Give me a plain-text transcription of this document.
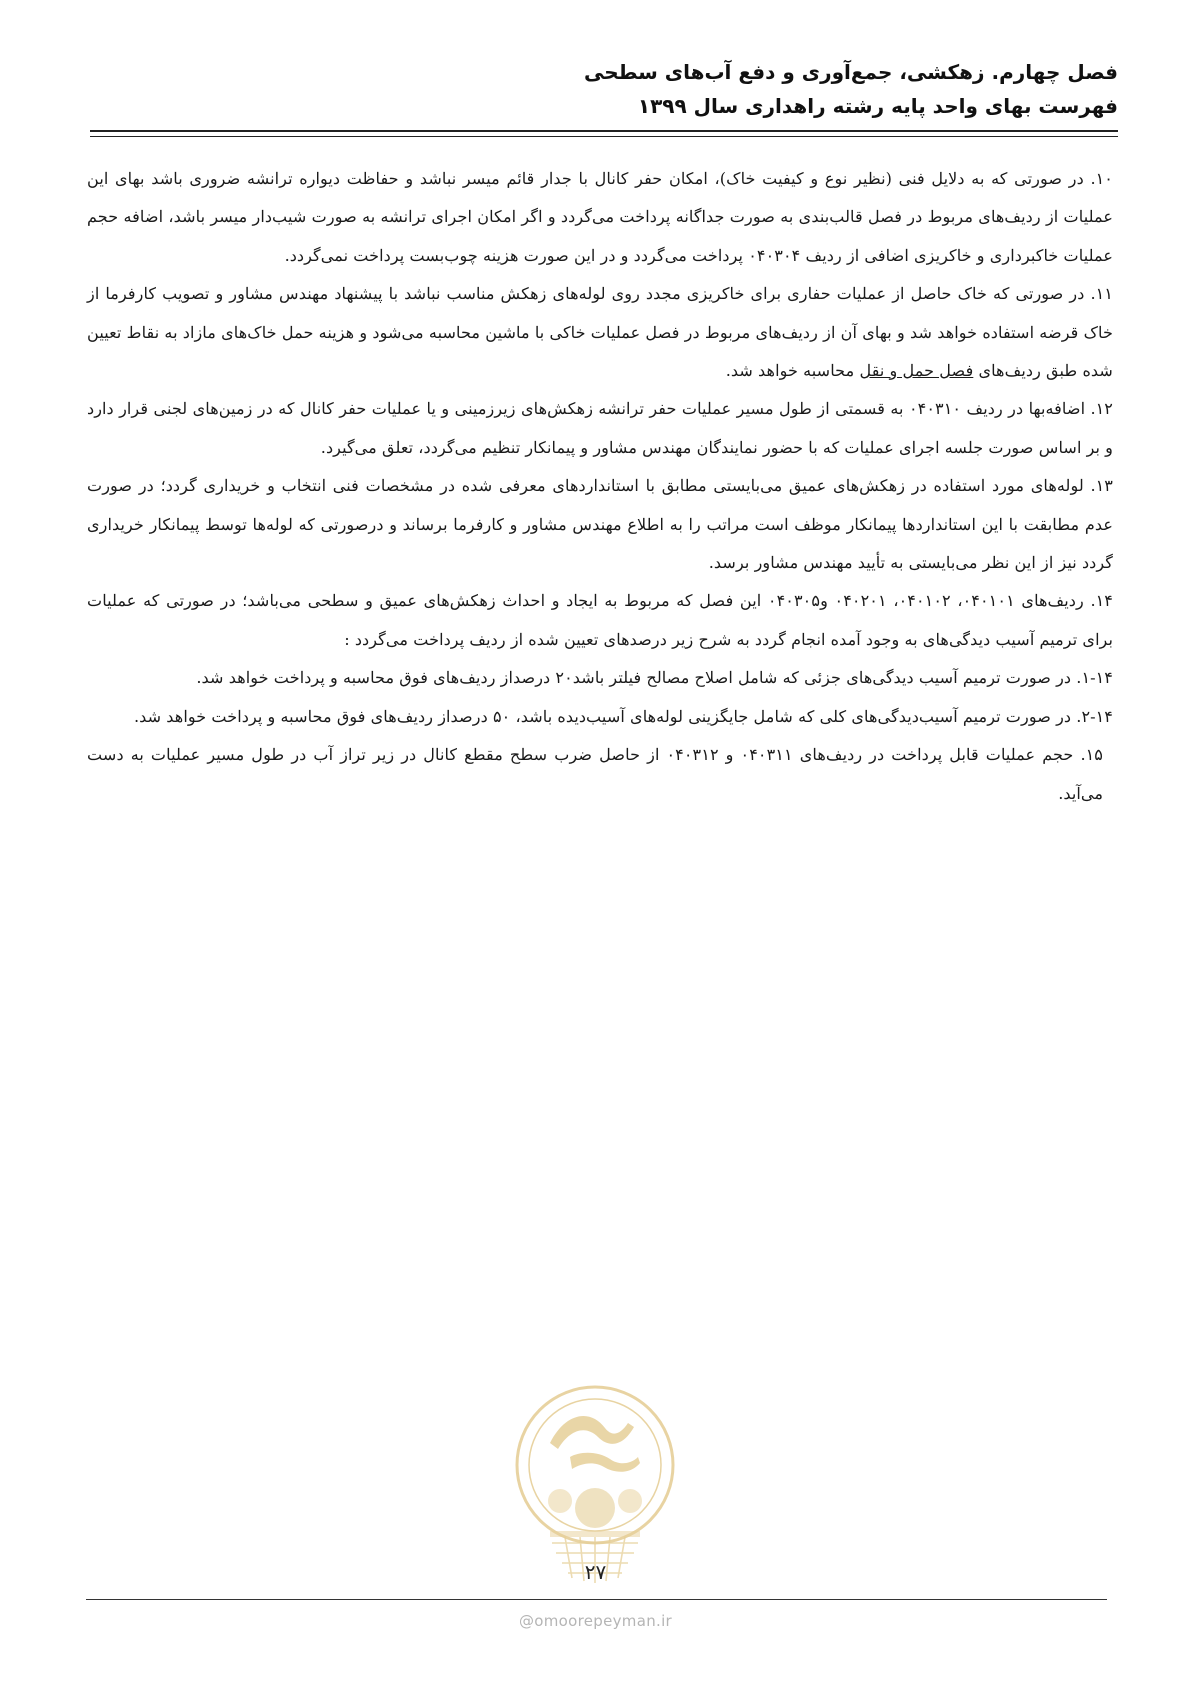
فصل چهارم. زهکشی، جمع‌آوری و دفع آب‌های سطحی
فهرست بهای واحد پایه رشته راهداری سال ۱۳۹۹

۱۰. در صورتی که به دلایل فنی (نظیر نوع و کیفیت خاک)، امکان حفر کانال با جدار قائم میسر نباشد و حفاظت دیواره ترانشه ضروری باشد بهای این عملیات از ردیف‌های مربوط در فصل قالب‌بندی به صورت جداگانه پرداخت می‌گردد و اگر امکان اجرای ترانشه به صورت شیب‌دار میسر باشد، اضافه حجم عملیات خاکبرداری و خاکریزی اضافی از ردیف ۰۴۰۳۰۴ پرداخت می‌گردد و در این صورت هزینه چوب‌بست پرداخت نمی‌گردد.

۱۱. در صورتی که خاک حاصل از عملیات حفاری برای خاکریزی مجدد روی لوله‌های زهکش مناسب نباشد با پیشنهاد مهندس مشاور و تصویب کارفرما از خاک قرضه استفاده خواهد شد و بهای آن از ردیف‌های مربوط در فصل عملیات خاکی با ماشین محاسبه می‌شود و هزینه حمل خاک‌های مازاد به نقاط تعیین شده طبق ردیف‌های فصل حمل و نقل محاسبه خواهد شد.

۱۲. اضافه‌بها در ردیف ۰۴۰۳۱۰ به قسمتی از طول مسیر عملیات حفر ترانشه زهکش‌های زیرزمینی و یا عملیات حفر کانال که در زمین‌های لجنی قرار دارد و بر اساس صورت جلسه اجرای عملیات که با حضور نمایندگان مهندس مشاور و پیمانکار تنظیم می‌گردد، تعلق می‌گیرد.

۱۳. لوله‌های مورد استفاده در زهکش‌های عمیق می‌بایستی مطابق با استانداردهای معرفی شده در مشخصات فنی انتخاب و خریداری گردد؛ در صورت عدم مطابقت با این استانداردها پیمانکار موظف است مراتب را به اطلاع مهندس مشاور و کارفرما برساند و درصورتی که لوله‌ها توسط پیمانکار خریداری گردد نیز از این نظر می‌بایستی به تأیید مهندس مشاور برسد.

۱۴. ردیف‌های ۰۴۰۱۰۱، ۰۴۰۱۰۲، ۰۴۰۲۰۱ و۰۴۰۳۰۵ این فصل که مربوط به ایجاد و احداث زهکش‌های عمیق و سطحی می‌باشد؛ در صورتی که عملیات برای ترمیم آسیب دیدگی‌های به وجود آمده انجام گردد به شرح زیر درصدهای تعیین شده از ردیف پرداخت می‌گردد :

۱-۱۴. در صورت ترمیم آسیب دیدگی‌های جزئی که شامل اصلاح مصالح فیلتر باشد۲۰ درصداز ردیف‌های فوق محاسبه و پرداخت خواهد شد.

۲-۱۴. در صورت ترمیم آسیب‌دیدگی‌های کلی که شامل جایگزینی لوله‌های آسیب‌دیده باشد، ۵۰ درصداز ردیف‌های فوق محاسبه و پرداخت خواهد شد.

۱۵. حجم عملیات قابل پرداخت در ردیف‌های ۰۴۰۳۱۱ و ۰۴۰۳۱۲ از حاصل ضرب سطح مقطع کانال در زیر تراز آب در طول مسیر عملیات به دست می‌آید.

۲۷
@omoorepeyman.ir
